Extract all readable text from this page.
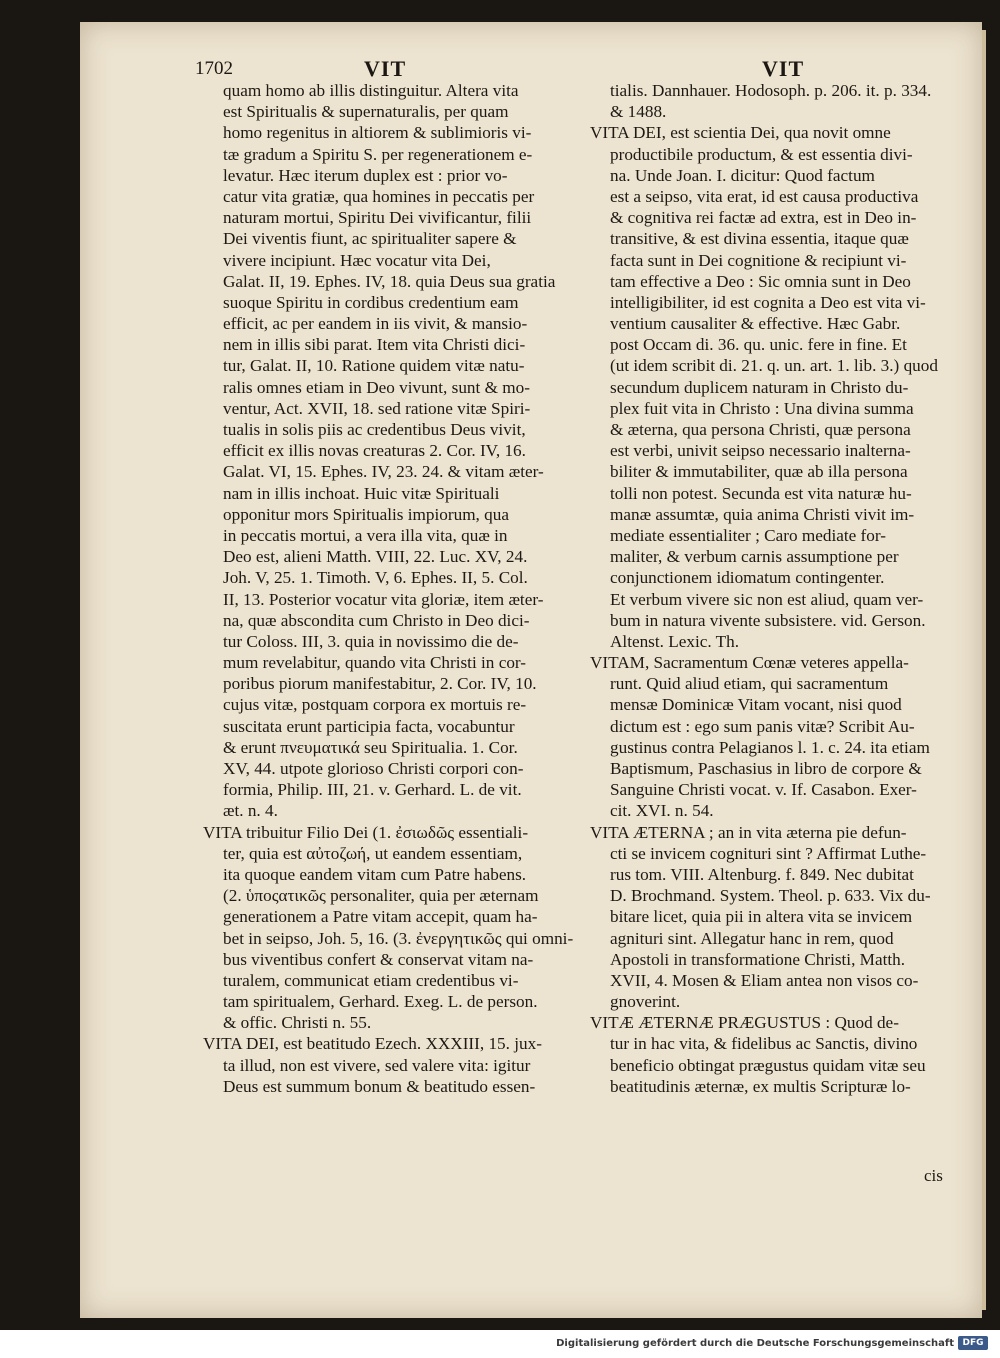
1702	VIT	VIT
quam homo ab illis distinguitur. Altera vita
est Spiritualis & supernaturalis, per quam
homo regenitus in altiorem & sublimioris vi-
tæ gradum a Spiritu S. per regenerationem e-
levatur. Hæc iterum duplex est : prior vo-
catur vita gratiæ, qua homines in peccatis per
naturam mortui, Spiritu Dei vivificantur, filii
Dei viventis fiunt, ac spiritualiter sapere &
vivere incipiunt. Hæc vocatur vita Dei,
Galat. II, 19. Ephes. IV, 18. quia Deus sua gratia
suoque Spiritu in cordibus credentium eam
efficit, ac per eandem in iis vivit, & mansio-
nem in illis sibi parat. Item vita Christi dici-
tur, Galat. II, 10. Ratione quidem vitæ natu-
ralis omnes etiam in Deo vivunt, sunt & mo-
ventur, Act. XVII, 18. sed ratione vitæ Spiri-
tualis in solis piis ac credentibus Deus vivit,
efficit ex illis novas creaturas 2. Cor. IV, 16.
Galat. VI, 15. Ephes. IV, 23. 24. & vitam æter-
nam in illis inchoat. Huic vitæ Spirituali
opponitur mors Spiritualis impiorum, qua
in peccatis mortui, a vera illa vita, quæ in
Deo est, alieni Matth. VIII, 22. Luc. XV, 24.
Joh. V, 25. 1. Timoth. V, 6. Ephes. II, 5. Col.
II, 13. Posterior vocatur vita gloriæ, item æter-
na, quæ absconditа cum Christo in Deo dici-
tur Coloss. III, 3. quia in novissimo die de-
mum revelabitur, quando vita Christi in cor-
poribus piorum manifestabitur, 2. Cor. IV, 10.
cujus vitæ, postquam corpora ex mortuis re-
suscitata erunt participia facta, vocabuntur
& erunt πνευματικά seu Spiritualia. 1. Cor.
XV, 44. utpote glorioso Christi corpori con-
formia, Philip. III, 21. v. Gerhard. L. de vit.
æt. n. 4.
VITA tribuitur Filio Dei (1. ἐσιωδῶς essentiali-
ter, quia est αὐτοζωή, ut eandem essentiam,
ita quoque eandem vitam cum Patre habens.
(2. ὑποςατικῶς personaliter, quia per æternam
generationem a Patre vitam accepit, quam ha-
bet in seipso, Joh. 5, 16. (3. ἐνεργητικῶς qui omni-
bus viventibus confert & conservat vitam na-
turalem, communicat etiam credentibus vi-
tam spiritualem, Gerhard. Exeg. L. de person.
& offic. Christi n. 55.
VITA DEI, est beatitudo Ezech. XXXIII, 15. jux-
ta illud, non est vivere, sed valere vita: igitur
Deus est summum bonum & beatitudo essen-
tialis. Dannhauer. Hodosoph. p. 206. it. p. 334.
& 1488.
VITA DEI, est scientia Dei, qua novit omne
productibile productum, & est essentia divi-
na. Unde Joan. I. dicitur: Quod factum
est a seipso, vita erat, id est causa productiva
& cognitiva rei factæ ad extra, est in Deo in-
transitive, & est divina essentia, itaque quæ
facta sunt in Dei cognitione & recipiunt vi-
tam effective a Deo : Sic omnia sunt in Deo
intelligibiliter, id est cognita a Deo est vita vi-
ventium causaliter & effective. Hæc Gabr.
post Occam di. 36. qu. unic. fere in fine. Et
(ut idem scribit di. 21. q. un. art. 1. lib. 3.) quod
secundum duplicem naturam in Christo du-
plex fuit vita in Christo : Una divina summa
& æterna, qua persona Christi, quæ persona
est verbi, univit seipso necessario inalterna-
biliter & immutabiliter, quæ ab illa persona
tolli non potest. Secunda est vita naturæ hu-
manæ assumtæ, quia anima Christi vivit im-
mediate essentialiter ; Caro mediate for-
maliter, & verbum carnis assumptione per
conjunctionem idiomatum contingenter.
Et verbum vivere sic non est aliud, quam ver-
bum in natura vivente subsistere. vid. Gerson.
Altenst. Lexic. Th.
VITAM, Sacramentum Cœnæ veteres appella-
runt. Quid aliud etiam, qui sacramentum
mensæ Dominicæ Vitam vocant, nisi quod
dictum est : ego sum panis vitæ? Scribit Au-
gustinus contra Pelagianos l. 1. c. 24. ita etiam
Baptismum, Paschasius in libro de corpore &
Sanguine Christi vocat. v. If. Casabon. Exer-
cit. XVI. n. 54.
VITA ÆTERNA ; an in vita æterna pie defun-
cti se invicem cognituri sint ? Affirmat Luthe-
rus tom. VIII. Altenburg. f. 849. Nec dubitat
D. Brochmand. System. Theol. p. 633. Vix du-
bitare licet, quia pii in altera vita se invicem
agnituri sint. Allegatur hanc in rem, quod
Apostoli in transformatione Christi, Matth.
XVII, 4. Mosen & Eliam antea non visos co-
gnoverint.
VITÆ ÆTERNÆ PRÆGUSTUS : Quod de-
tur in hac vita, & fidelibus ac Sanctis, divino
beneficio obtingat prægustus quidam vitæ seu
beatitudinis æternæ, ex multis Scripturæ lo-
cis
Digitalisierung gefördert durch die Deutsche Forschungsgemeinschaft DFG
